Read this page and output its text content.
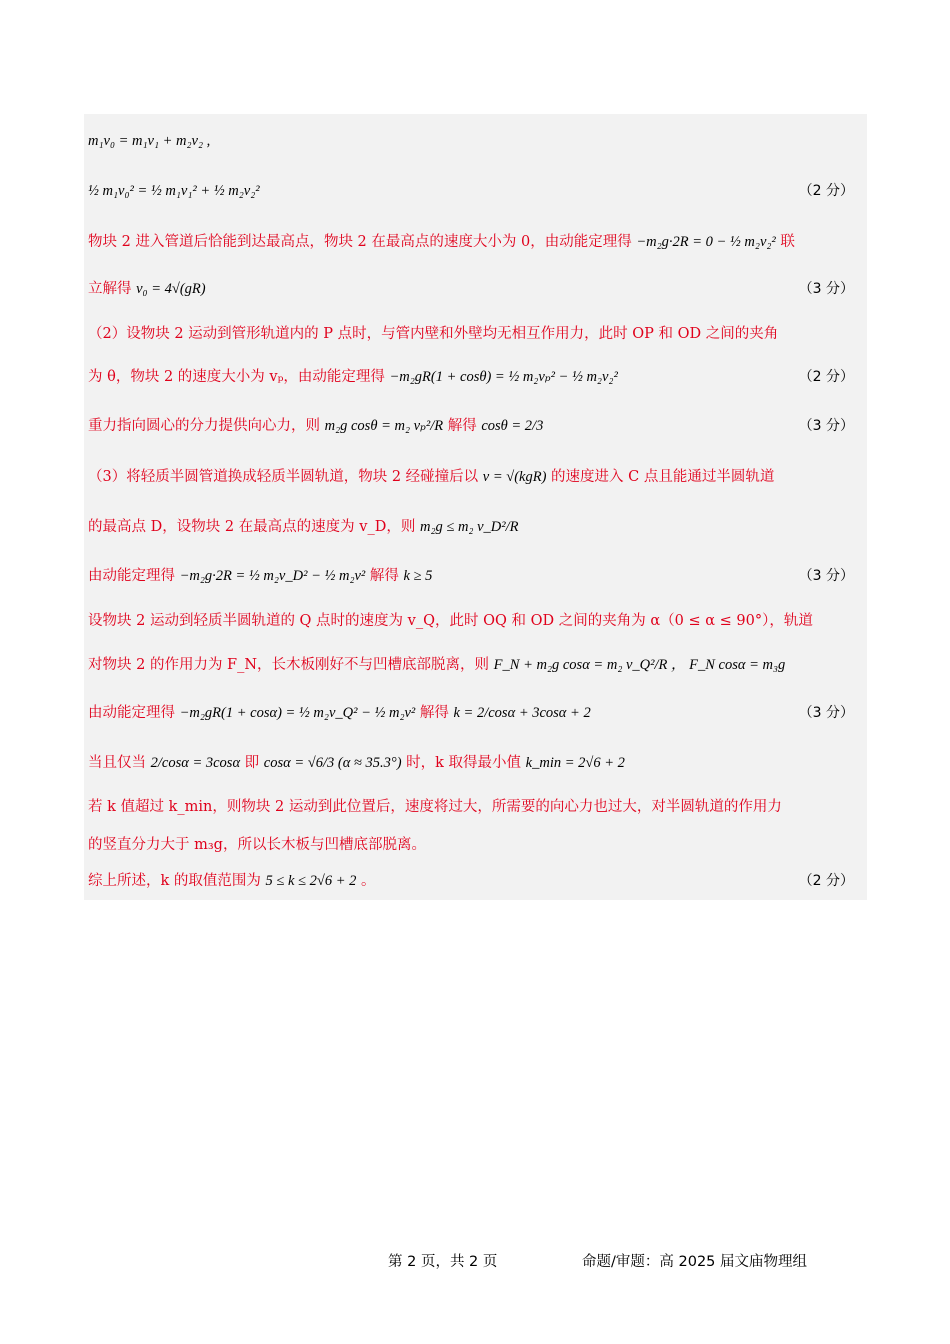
m₁v₀ = m₁v₁ + m₂v₂ ,
½ m₁v₀² = ½ m₁v₁² + ½ m₂v₂²	（2 分）
物块 2 进入管道后恰能到达最高点，物块 2 在最高点的速度大小为 0，由动能定理得 −m₂g·2R = 0 − ½ m₂v₂² 联
立解得 v₀ = 4√(gR)	（3 分）
（2）设物块 2 运动到管形轨道内的 P 点时，与管内壁和外壁均无相互作用力，此时 OP 和 OD 之间的夹角
为 θ，物块 2 的速度大小为 vₚ，由动能定理得 −m₂gR(1 + cosθ) = ½ m₂vₚ² − ½ m₂v₂²	（2 分）
重力指向圆心的分力提供向心力，则 m₂g cosθ = m₂ vₚ²/R 解得 cosθ = 2/3	（3 分）
（3）将轻质半圆管道换成轻质半圆轨道，物块 2 经碰撞后以 v = √(kgR) 的速度进入 C 点且能通过半圆轨道
的最高点 D，设物块 2 在最高点的速度为 v_D，则 m₂g ≤ m₂ v_D²/R
由动能定理得 −m₂g·2R = ½ m₂v_D² − ½ m₂v² 解得 k ≥ 5	（3 分）
设物块 2 运动到轻质半圆轨道的 Q 点时的速度为 v_Q，此时 OQ 和 OD 之间的夹角为 α（0 ≤ α ≤ 90°），轨道
对物块 2 的作用力为 F_N，长木板刚好不与凹槽底部脱离，则 F_N + m₂g cosα = m₂ v_Q²/R ， F_N cosα = m₃g
由动能定理得 −m₂gR(1 + cosα) = ½ m₂v_Q² − ½ m₂v² 解得 k = 2/cosα + 3cosα + 2	（3 分）
当且仅当 2/cosα = 3cosα 即 cosα = √6/3 (α ≈ 35.3°) 时，k 取得最小值 k_min = 2√6 + 2
若 k 值超过 k_min，则物块 2 运动到此位置后，速度将过大，所需要的向心力也过大，对半圆轨道的作用力
的竖直分力大于 m₃g，所以长木板与凹槽底部脱离。
综上所述，k 的取值范围为 5 ≤ k ≤ 2√6 + 2 。	（2 分）
第 2 页，共 2 页	命题/审题：高 2025 届文庙物理组
